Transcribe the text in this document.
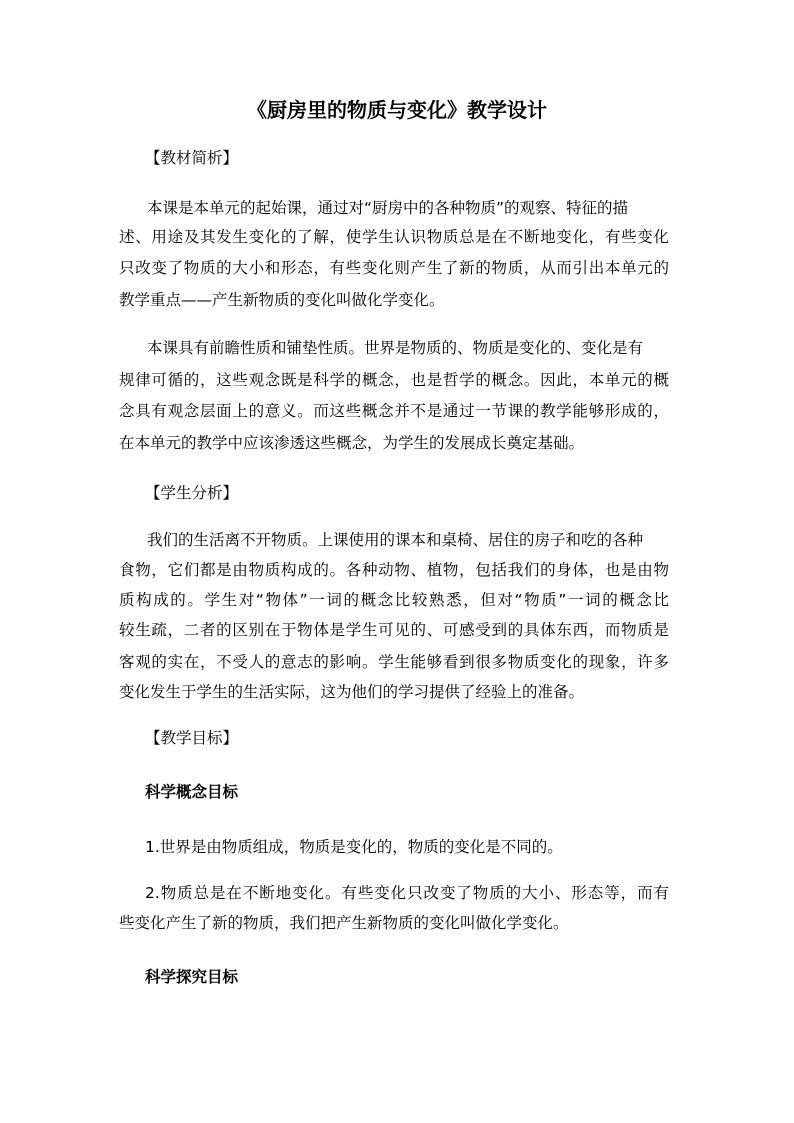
《厨房里的物质与变化》教学设计
【教材简析】
本课是本单元的起始课，通过对“厨房中的各种物质”的观察、特征的描
述、用途及其发生变化的了解，使学生认识物质总是在不断地变化，有些变化
只改变了物质的大小和形态，有些变化则产生了新的物质，从而引出本单元的
教学重点——产生新物质的变化叫做化学变化。
本课具有前瞻性质和铺垫性质。世界是物质的、物质是变化的、变化是有
规律可循的，这些观念既是科学的概念，也是哲学的概念。因此，本单元的概
念具有观念层面上的意义。而这些概念并不是通过一节课的教学能够形成的，
在本单元的教学中应该渗透这些概念，为学生的发展成长奠定基础。
【学生分析】
我们的生活离不开物质。上课使用的课本和桌椅、居住的房子和吃的各种
食物，它们都是由物质构成的。各种动物、植物，包括我们的身体，也是由物
质构成的。学生对“物体”一词的概念比较熟悉，但对“物质”一词的概念比
较生疏，二者的区别在于物体是学生可见的、可感受到的具体东西，而物质是
客观的实在，不受人的意志的影响。学生能够看到很多物质变化的现象，许多
变化发生于学生的生活实际，这为他们的学习提供了经验上的准备。
【教学目标】
科学概念目标
1.世界是由物质组成，物质是变化的，物质的变化是不同的。
2.物质总是在不断地变化。有些变化只改变了物质的大小、形态等，而有
些变化产生了新的物质，我们把产生新物质的变化叫做化学变化。
科学探究目标
